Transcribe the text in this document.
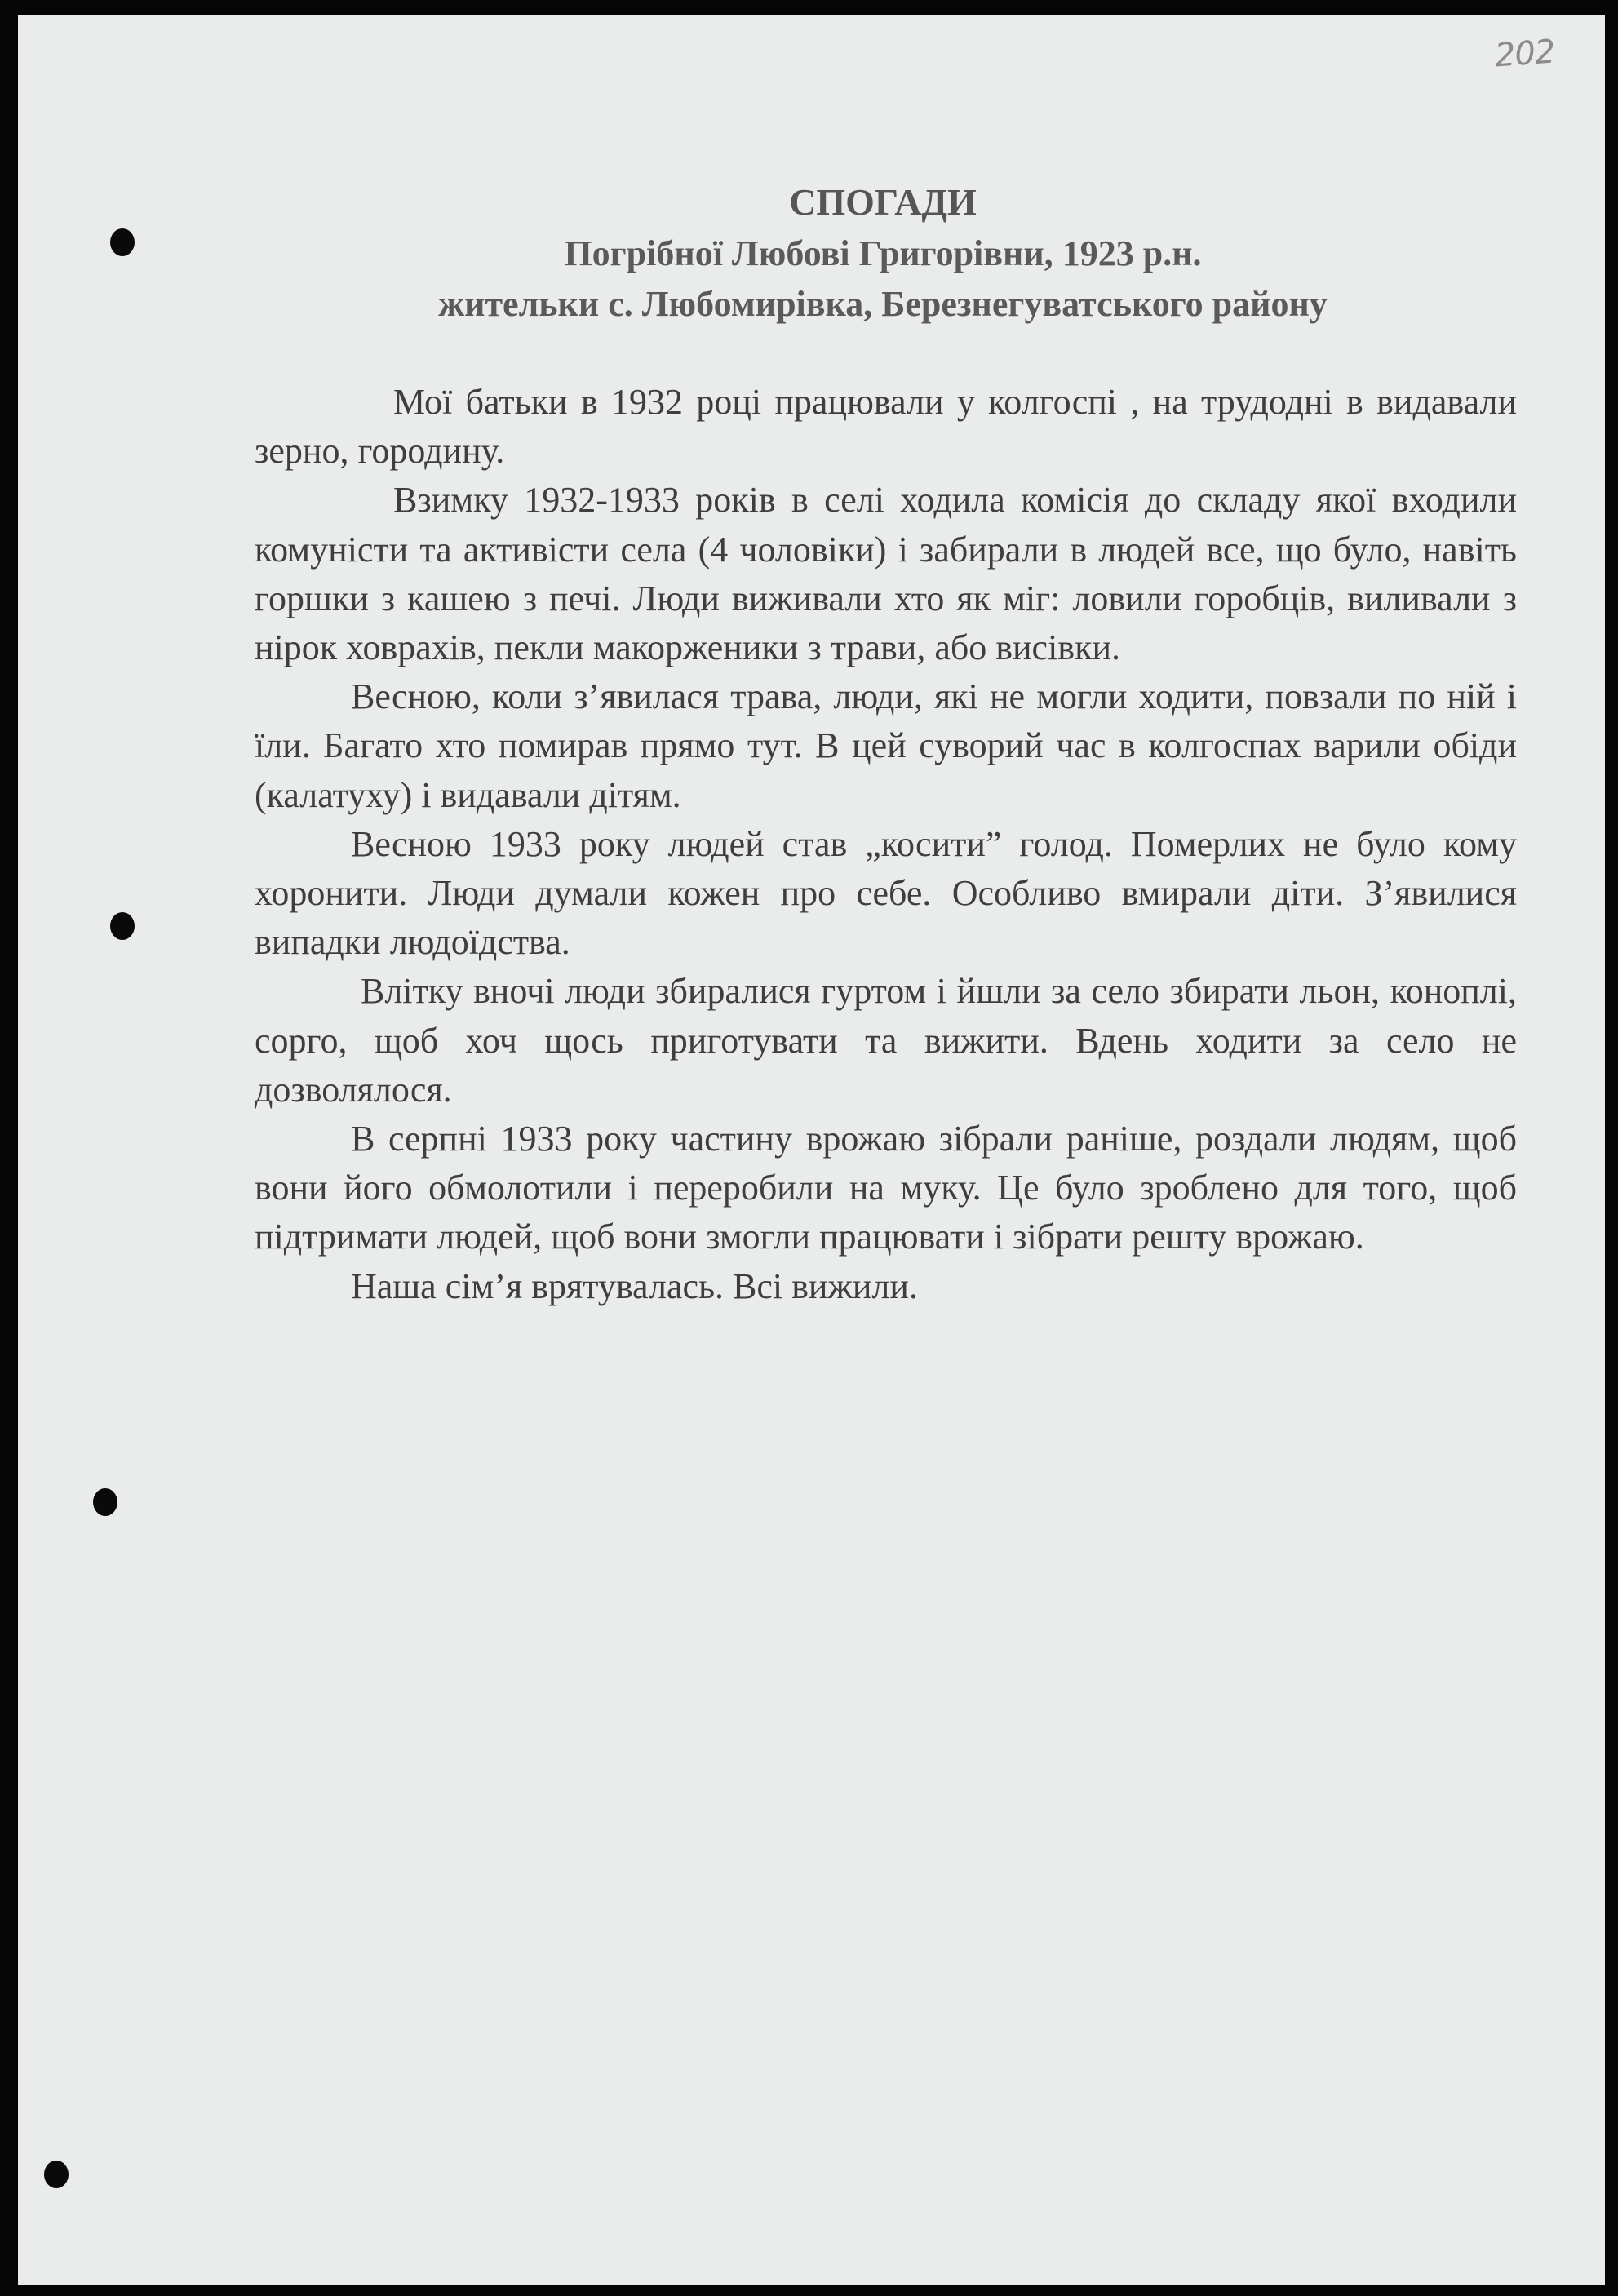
202
СПОГАДИ
Погрібної Любові Григорівни, 1923 р.н.
жительки с. Любомирівка, Березнегуватського району

Мої батьки в 1932 році працювали у колгоспі , на трудодні в видавали зерно, городину.

Взимку 1932-1933 років в селі ходила комісія до складу якої входили комуністи та активісти села (4 чоловіки) і забирали в людей все, що було, навіть горшки з кашею з печі. Люди виживали хто як міг: ловили горобців, виливали з нірок ховрахів, пекли макорженики з трави, або висівки.

Весною, коли з’явилася трава, люди, які не могли ходити, повзали по ній і їли. Багато хто помирав прямо тут. В цей суворий час в колгоспах варили обіди (калатуху) і видавали дітям.

Весною 1933 року людей став „косити” голод. Померлих не було кому хоронити. Люди думали кожен про себе. Особливо вмирали діти. З’явилися випадки людоїдства.

Влітку вночі люди збиралися гуртом і йшли за село збирати льон, коноплі, сорго, щоб хоч щось приготувати та вижити. Вдень ходити за село не дозволялося.

В серпні 1933 року частину врожаю зібрали раніше, роздали людям, щоб вони його обмолотили і переробили на муку. Це було зроблено для того, щоб підтримати людей, щоб вони змогли працювати і зібрати решту врожаю.

Наша сім’я врятувалась. Всі вижили.
